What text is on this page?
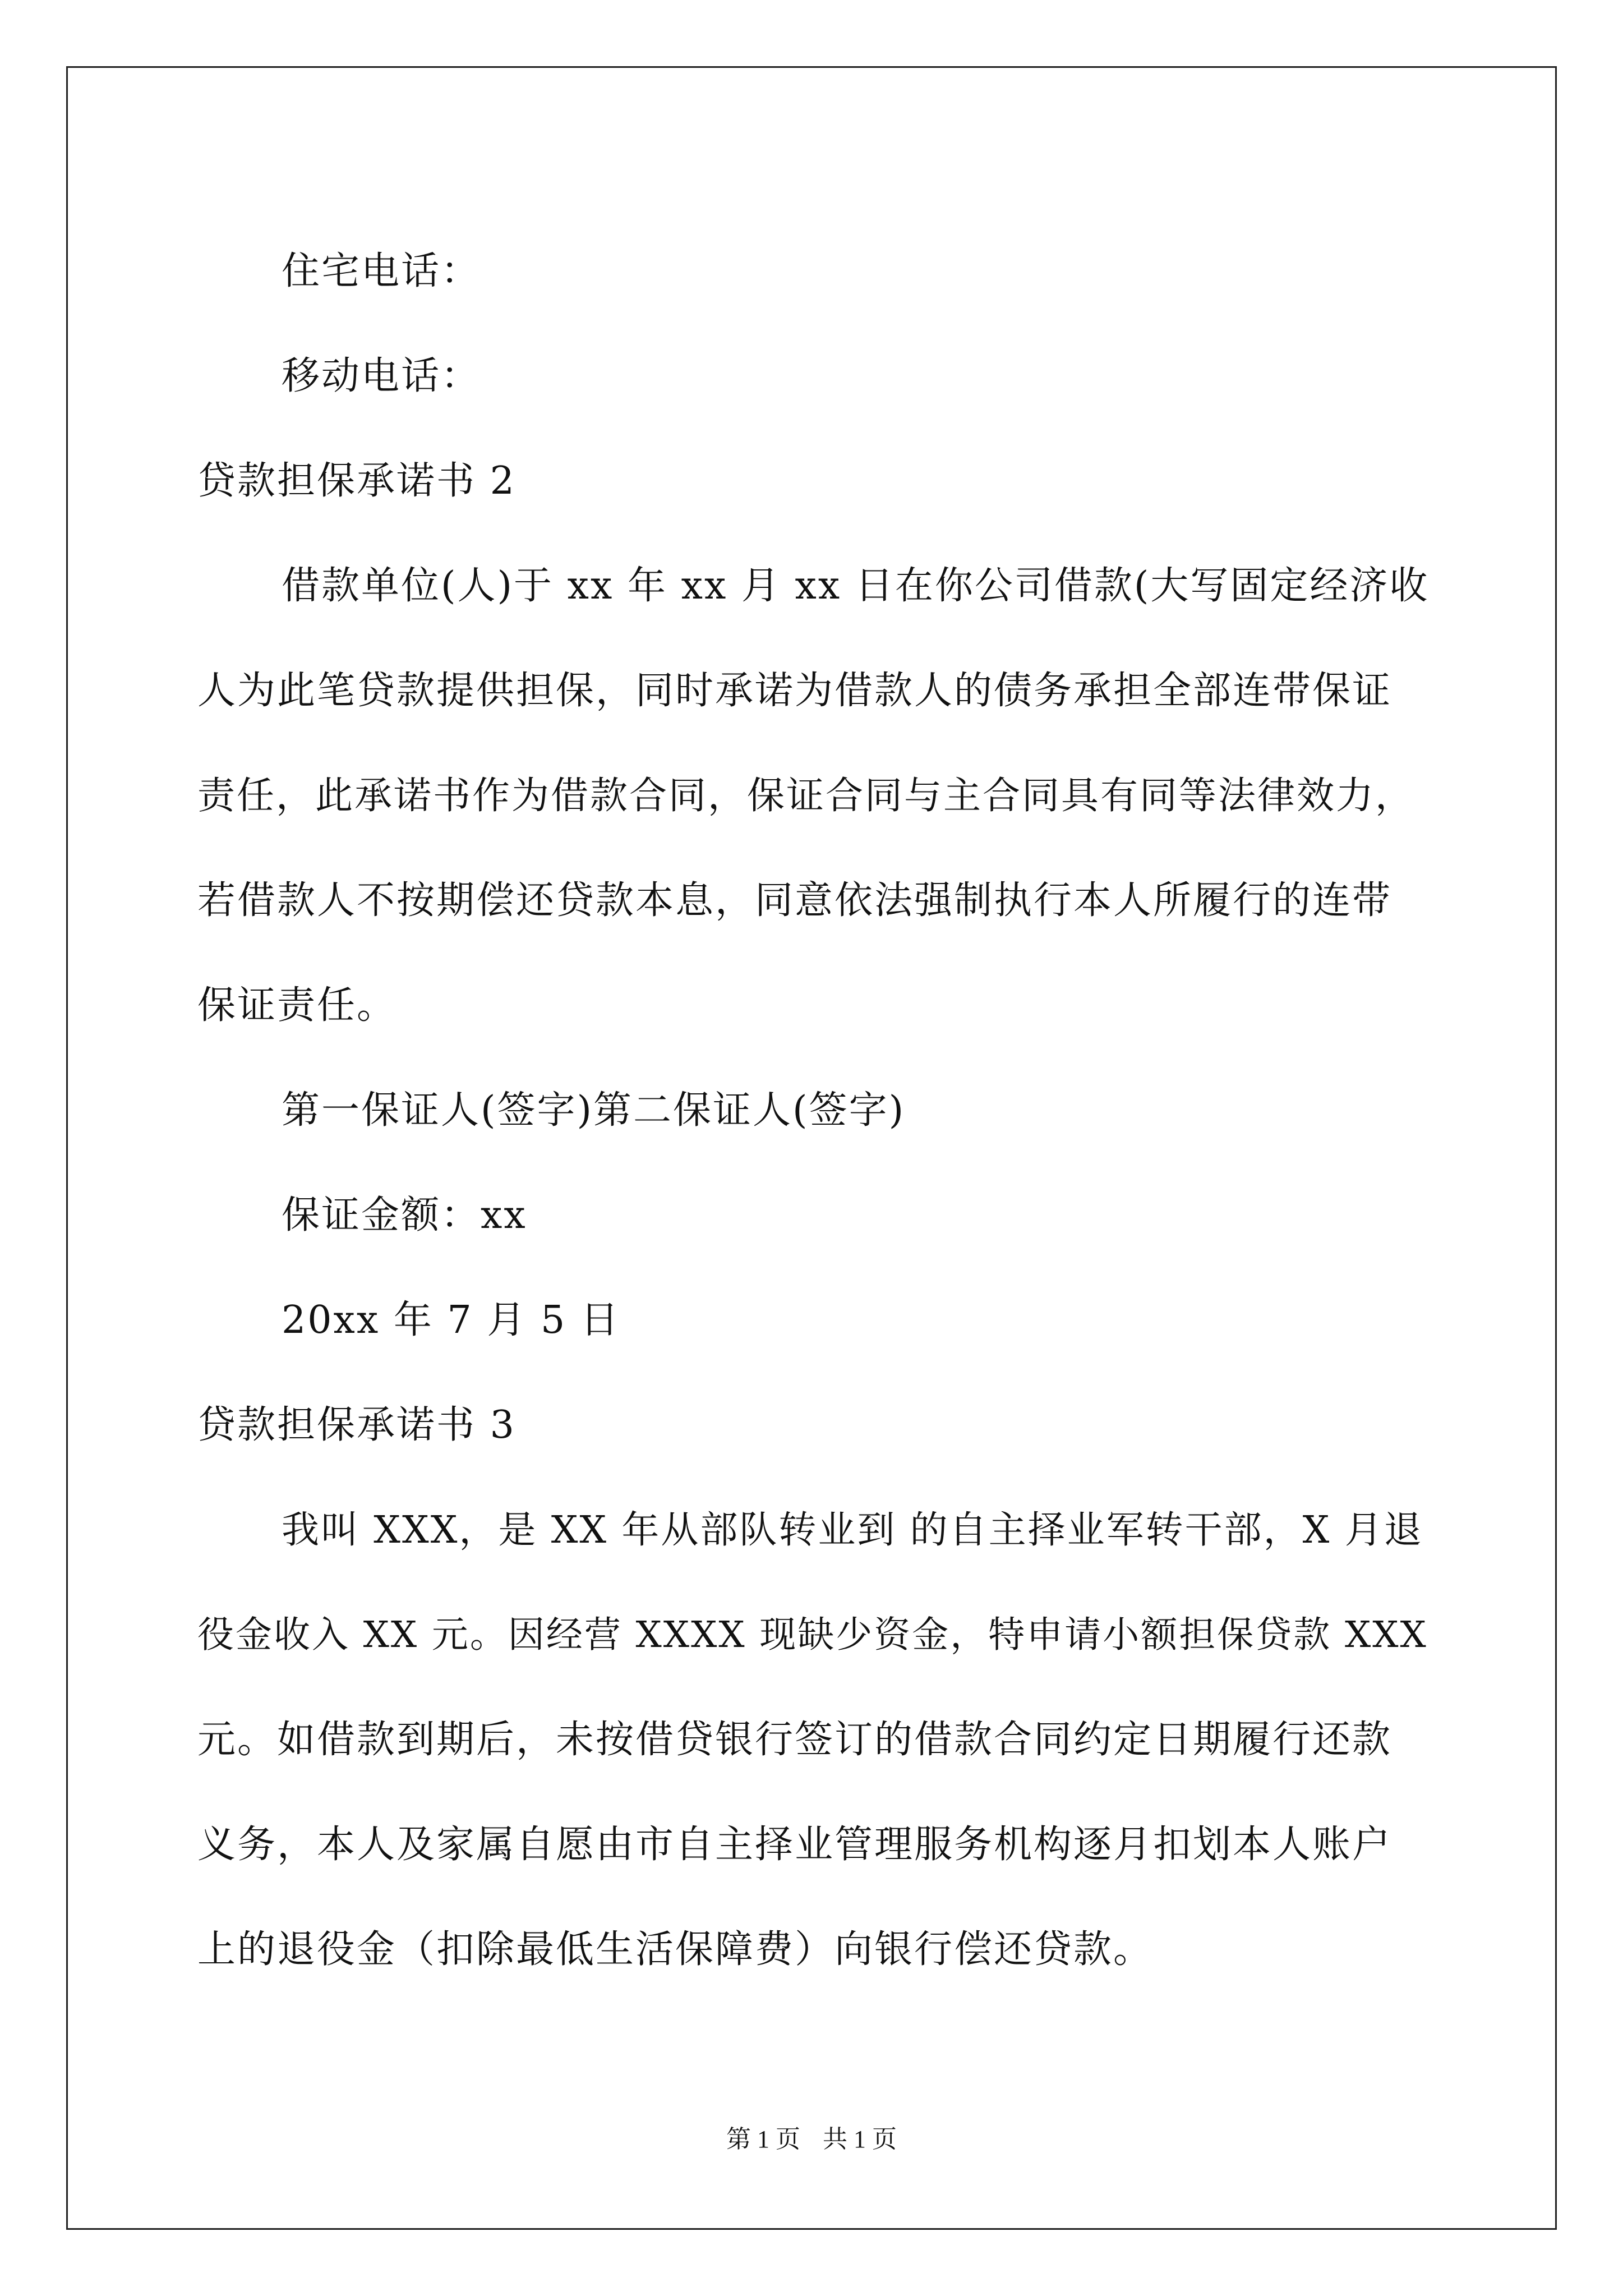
住宅电话：
移动电话：
贷款担保承诺书 2
借款单位(人)于 xx 年 xx 月 xx 日在你公司借款(大写固定经济收
人为此笔贷款提供担保，同时承诺为借款人的债务承担全部连带保证
责任，此承诺书作为借款合同，保证合同与主合同具有同等法律效力，
若借款人不按期偿还贷款本息，同意依法强制执行本人所履行的连带
保证责任。
第一保证人(签字)第二保证人(签字)
保证金额：xx
20xx 年 7 月 5 日
贷款担保承诺书 3
我叫 XXX，是 XX 年从部队转业到 的自主择业军转干部，X 月退
役金收入 XX 元。因经营 XXXX 现缺少资金，特申请小额担保贷款 XXX
元。如借款到期后，未按借贷银行签订的借款合同约定日期履行还款
义务，本人及家属自愿由市自主择业管理服务机构逐月扣划本人账户
上的退役金（扣除最低生活保障费）向银行偿还贷款。
第 1 页 共 1 页
